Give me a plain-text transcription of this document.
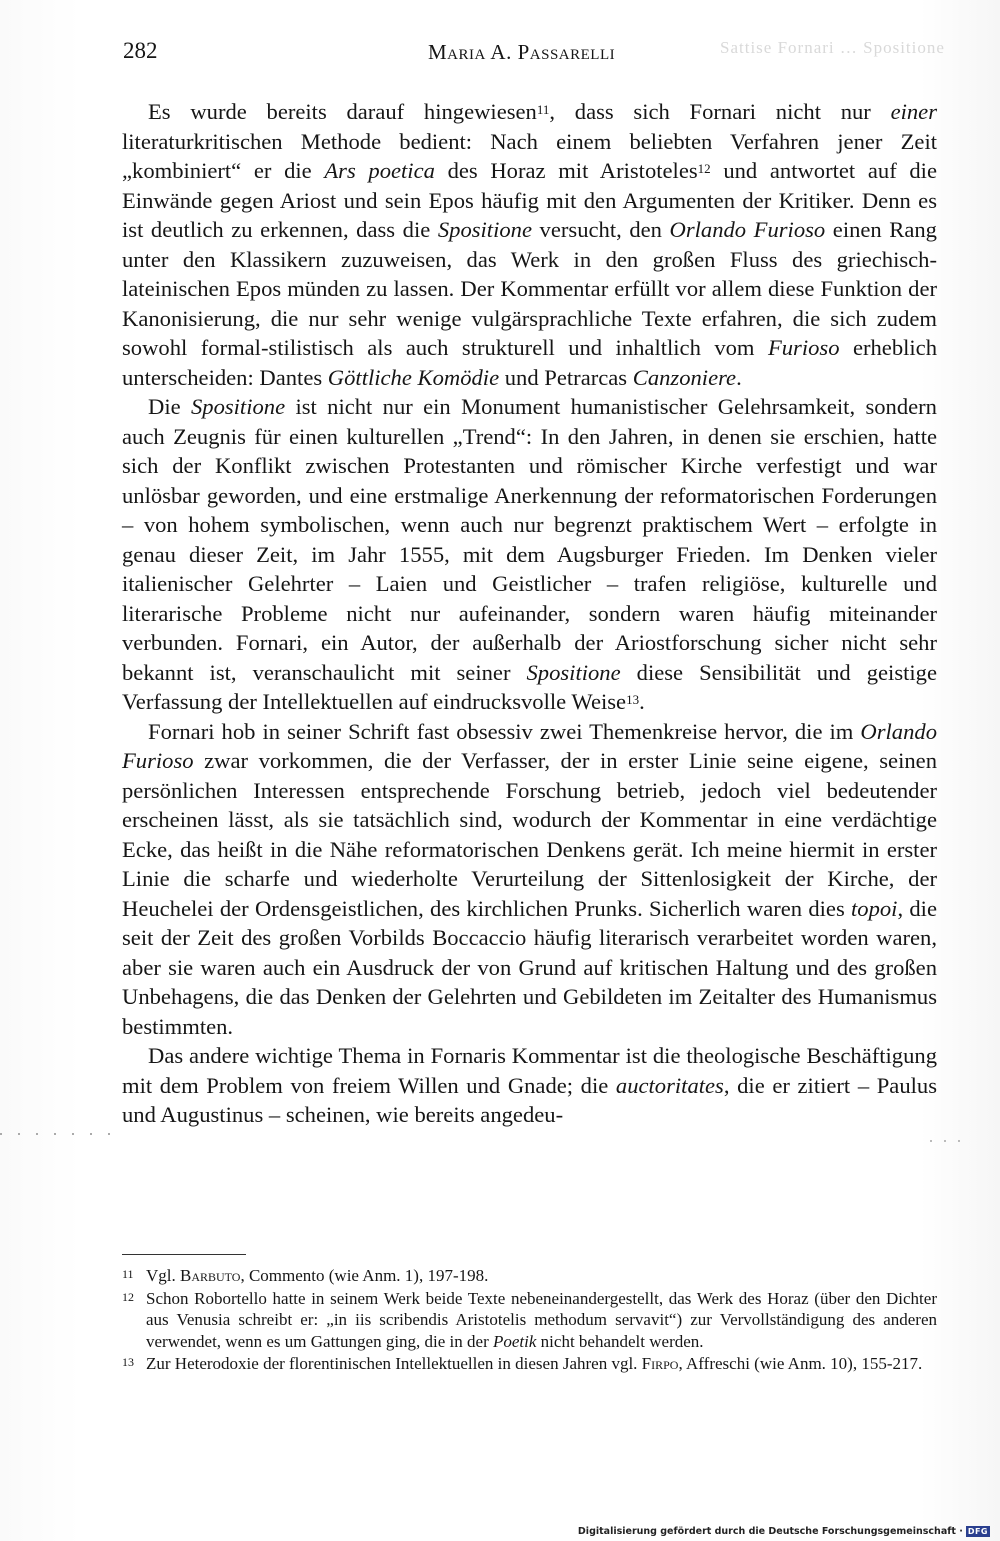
Sattise Fornari … Spositione
282	Maria A. Passarelli

Es wurde bereits darauf hingewiesen$^{11}$, dass sich Fornari nicht nur einer literaturkritischen Methode bedient: Nach einem beliebten Verfahren jener Zeit „kombiniert“ er die Ars poetica des Horaz mit Aristoteles$^{12}$ und antwortet auf die Einwände gegen Ariost und sein Epos häufig mit den Argumenten der Kritiker. Denn es ist deutlich zu erkennen, dass die Spositione versucht, den Orlando Furioso einen Rang unter den Klassikern zuzuweisen, das Werk in den großen Fluss des griechisch-lateinischen Epos münden zu lassen. Der Kommentar erfüllt vor allem diese Funktion der Kanonisierung, die nur sehr wenige vulgärsprachliche Texte erfahren, die sich zudem sowohl formal-stilistisch als auch strukturell und inhaltlich vom Furioso erheblich unterscheiden: Dantes Göttliche Komödie und Petrarcas Canzoniere.

Die Spositione ist nicht nur ein Monument humanistischer Gelehrsamkeit, sondern auch Zeugnis für einen kulturellen „Trend“: In den Jahren, in denen sie erschien, hatte sich der Konflikt zwischen Protestanten und römischer Kirche verfestigt und war unlösbar geworden, und eine erstmalige Anerkennung der reformatorischen Forderungen – von hohem symbolischen, wenn auch nur begrenzt praktischem Wert – erfolgte in genau dieser Zeit, im Jahr 1555, mit dem Augsburger Frieden. Im Denken vieler italienischer Gelehrter – Laien und Geistlicher – trafen religiöse, kulturelle und literarische Probleme nicht nur aufeinander, sondern waren häufig miteinander verbunden. Fornari, ein Autor, der außerhalb der Ariostforschung sicher nicht sehr bekannt ist, veranschaulicht mit seiner Spositione diese Sensibilität und geistige Verfassung der Intellektuellen auf eindrucksvolle Weise$^{13}$.

Fornari hob in seiner Schrift fast obsessiv zwei Themenkreise hervor, die im Orlando Furioso zwar vorkommen, die der Verfasser, der in erster Linie seine eigene, seinen persönlichen Interessen entsprechende Forschung betrieb, jedoch viel bedeutender erscheinen lässt, als sie tatsächlich sind, wodurch der Kommentar in eine verdächtige Ecke, das heißt in die Nähe reformatorischen Denkens gerät. Ich meine hiermit in erster Linie die scharfe und wiederholte Verurteilung der Sittenlosigkeit der Kirche, der Heuchelei der Ordensgeistlichen, des kirchlichen Prunks. Sicherlich waren dies topoi, die seit der Zeit des großen Vorbilds Boccaccio häufig literarisch verarbeitet worden waren, aber sie waren auch ein Ausdruck der von Grund auf kritischen Haltung und des großen Unbehagens, die das Denken der Gelehrten und Gebildeten im Zeitalter des Humanismus bestimmten.

Das andere wichtige Thema in Fornaris Kommentar ist die theologische Beschäftigung mit dem Problem von freiem Willen und Gnade; die auctoritates, die er zitiert – Paulus und Augustinus – scheinen, wie bereits angedeu-

11 Vgl. Barbuto, Commento (wie Anm. 1), 197-198.
12 Schon Robortello hatte in seinem Werk beide Texte nebeneinandergestellt, das Werk des Horaz (über den Dichter aus Venusia schreibt er: „in iis scribendis Aristotelis methodum servavit“) zur Vervollständigung des anderen verwendet, wenn es um Gattungen ging, die in der Poetik nicht behandelt werden.
13 Zur Heterodoxie der florentinischen Intellektuellen in diesen Jahren vgl. Firpo, Affreschi (wie Anm. 10), 155-217.
Digitalisierung gefördert durch die Deutsche Forschungsgemeinschaft · DFG
